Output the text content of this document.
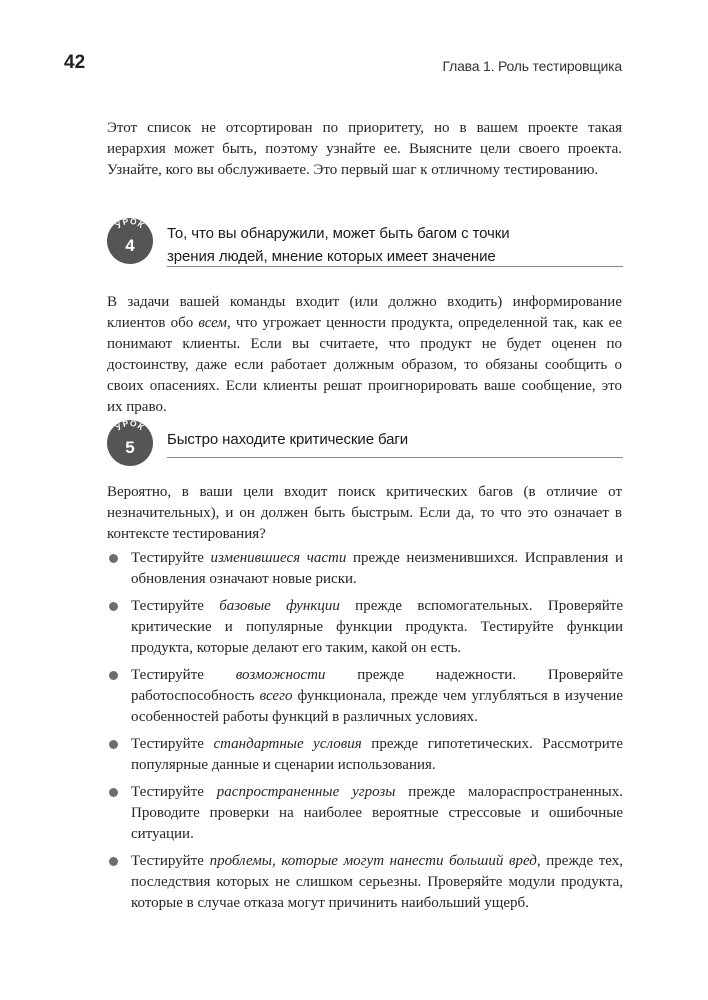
42	Глава 1. Роль тестировщика

Этот список не отсортирован по приоритету, но в вашем проекте такая иерархия может быть, поэтому узнайте ее. Выясните цели своего проекта. Узнайте, кого вы обслуживаете. Это первый шаг к отличному тестированию.

УРОК
4
То, что вы обнаружили, может быть багом с точки
зрения людей, мнение которых имеет значение

В задачи вашей команды входит (или должно входить) информирование клиентов обо всем, что угрожает ценности продукта, определенной так, как ее понимают клиенты. Если вы считаете, что продукт не будет оценен по достоинству, даже если работает должным образом, то обязаны сообщить о своих опасениях. Если клиенты решат проигнорировать ваше сообщение, это их право.

УРОК
5	Быстро находите критические баги

Вероятно, в ваши цели входит поиск критических багов (в отличие от незначительных), и он должен быть быстрым. Если да, то что это означает в контексте тестирования?

Тестируйте изменившиеся части прежде неизменившихся. Исправления и обновления означают новые риски.
Тестируйте базовые функции прежде вспомогательных. Проверяйте критические и популярные функции продукта. Тестируйте функции продукта, которые делают его таким, какой он есть.
Тестируйте возможности прежде надежности. Проверяйте работоспособность всего функционала, прежде чем углубляться в изучение особенностей работы функций в различных условиях.
Тестируйте стандартные условия прежде гипотетических. Рассмотрите популярные данные и сценарии использования.
Тестируйте распространенные угрозы прежде малораспространенных. Проводите проверки на наиболее вероятные стрессовые и ошибочные ситуации.
Тестируйте проблемы, которые могут нанести больший вред, прежде тех, последствия которых не слишком серьезны. Проверяйте модули продукта, которые в случае отказа могут причинить наибольший ущерб.
